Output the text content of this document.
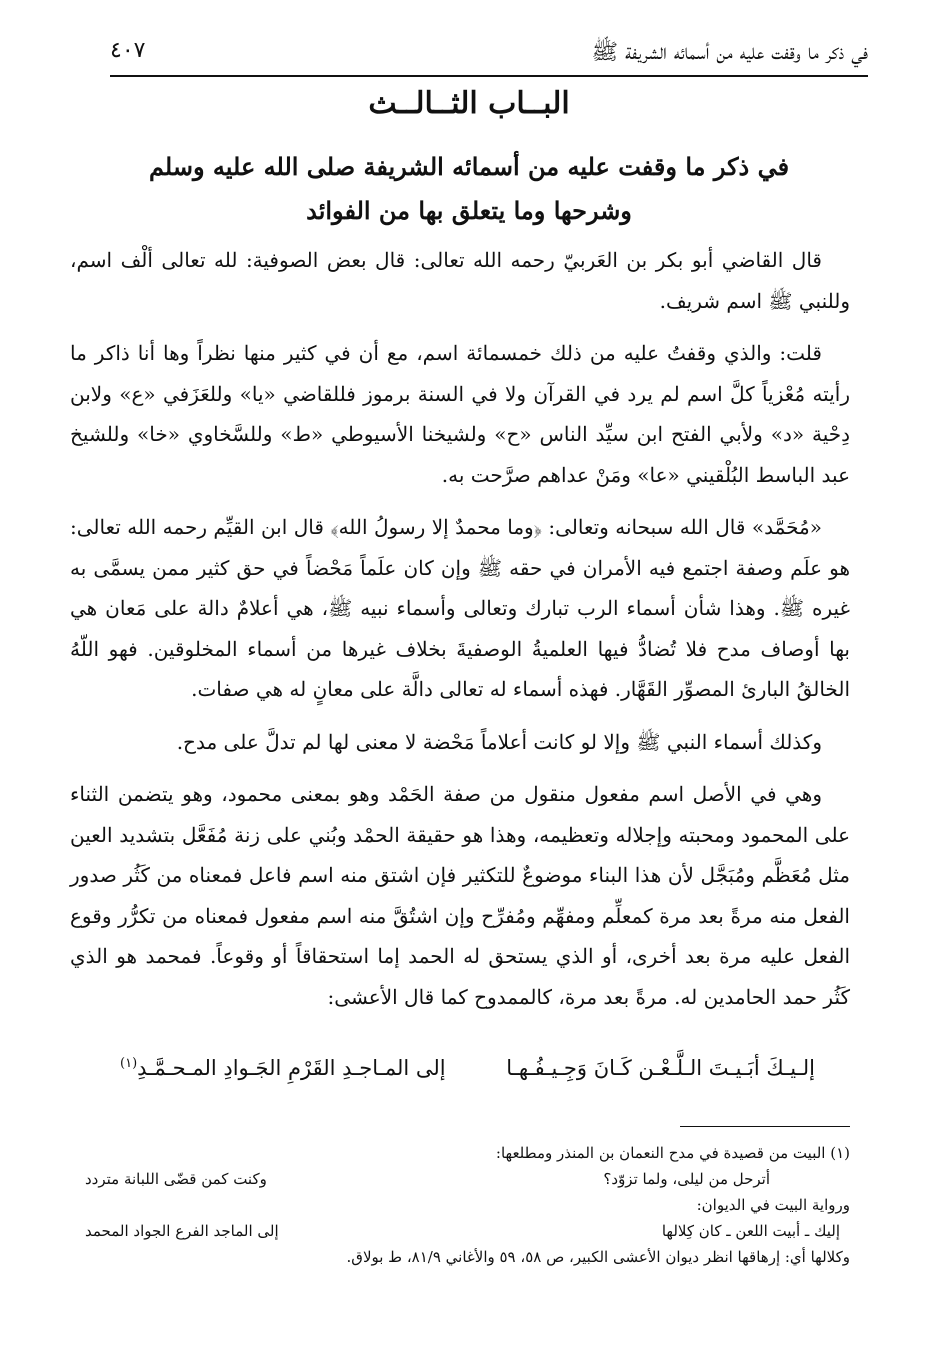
في ذكر ما وقفت عليه من أسمائه الشريفة ﷺ
٤٠٧
البــاب الثــالــث
في ذكر ما وقفت عليه من أسمائه الشريفة صلى الله عليه وسلم
وشرحها وما يتعلق بها من الفوائد

قال القاضي أبو بكر بن العَربيّ رحمه الله تعالى: قال بعض الصوفية: لله تعالى ألْف اسم، وللنبي ﷺ اسم شريف.

قلت: والذي وقفتُ عليه من ذلك خمسمائة اسم، مع أن في كثير منها نظراً وها أنا ذاكر ما رأيته مُعْزياً كلَّ اسم لم يرد في القرآن ولا في السنة برموز فللقاضي «يا» وللعَزَفي «ع» ولابن دِحْية «د» ولأبي الفتح ابن سيِّد الناس «ح» ولشيخنا الأسيوطي «ط» وللسَّخاوي «خا» وللشيخ عبد الباسط البُلْقيني «عا» ومَنْ عداهم صرَّحت به.

«مُحَمَّد» قال الله سبحانه وتعالى: ﴿وما محمدٌ إلا رسولُ الله﴾ قال ابن القيِّم رحمه الله تعالى: هو علَم وصفة اجتمع فيه الأمران في حقه ﷺ وإن كان علَماً مَحْضاً في حق كثير ممن يسمَّى به غيره ﷺ. وهذا شأن أسماء الرب تبارك وتعالى وأسماء نبيه ﷺ، هي أعلامٌ دالة على مَعان هي بها أوصاف مدح فلا تُضادُّ فيها العلميةُ الوصفيةَ بخلاف غيرها من أسماء المخلوقين. فهو اللّهُ الخالقُ البارئ المصوِّر القَهَّار. فهذه أسماء له تعالى دالَّة على معانٍ له هي صفات.

وكذلك أسماء النبي ﷺ وإلا لو كانت أعلاماً مَحْضة لا معنى لها لم تدلَّ على مدح.

وهي في الأصل اسم مفعول منقول من صفة الحَمْد وهو بمعنى محمود، وهو يتضمن الثناء على المحمود ومحبته وإجلاله وتعظيمه، وهذا هو حقيقة الحمْد وبُني على زنة مُفَعَّل بتشديد العين مثل مُعَظَّم ومُبَجَّل لأن هذا البناء موضوعٌ للتكثير فإن اشتق منه اسم فاعل فمعناه من كَثُر صدور الفعل منه مرةً بعد مرة كمعلِّم ومفهِّم ومُفرِّح وإن اشتُقَّ منه اسم مفعول فمعناه من تكرُّر وقوع الفعل عليه مرة بعد أخرى، أو الذي يستحق له الحمد إما استحقاقاً أو وقوعاً. فمحمد هو الذي كَثُر حمد الحامدين له. مرةً بعد مرة، كالممدوح كما قال الأعشى:

إلـيـكَ أبَـيـتَ الـلَّـعْـن كَـانَ وَجِـيـفُـهـا
إلى المـاجـدِ القَرْمِ الجَـوادِ المـحـمَّـدِ$^{(١)}$

(١) البيت من قصيدة في مدح النعمان بن المنذر ومطلعها:

أترحل من ليلى، ولما تزوّد؟
وكنت كمن قضّى اللبانة متردد

ورواية البيت في الديوان:

إليك ـ أبيت اللعن ـ كان كِلالها
إلى الماجد الفرع الجواد المحمد

وكلالها أي: إرهاقها انظر ديوان الأعشى الكبير، ص ٥٨، ٥٩ والأغاني ٨١/٩، ط بولاق.
